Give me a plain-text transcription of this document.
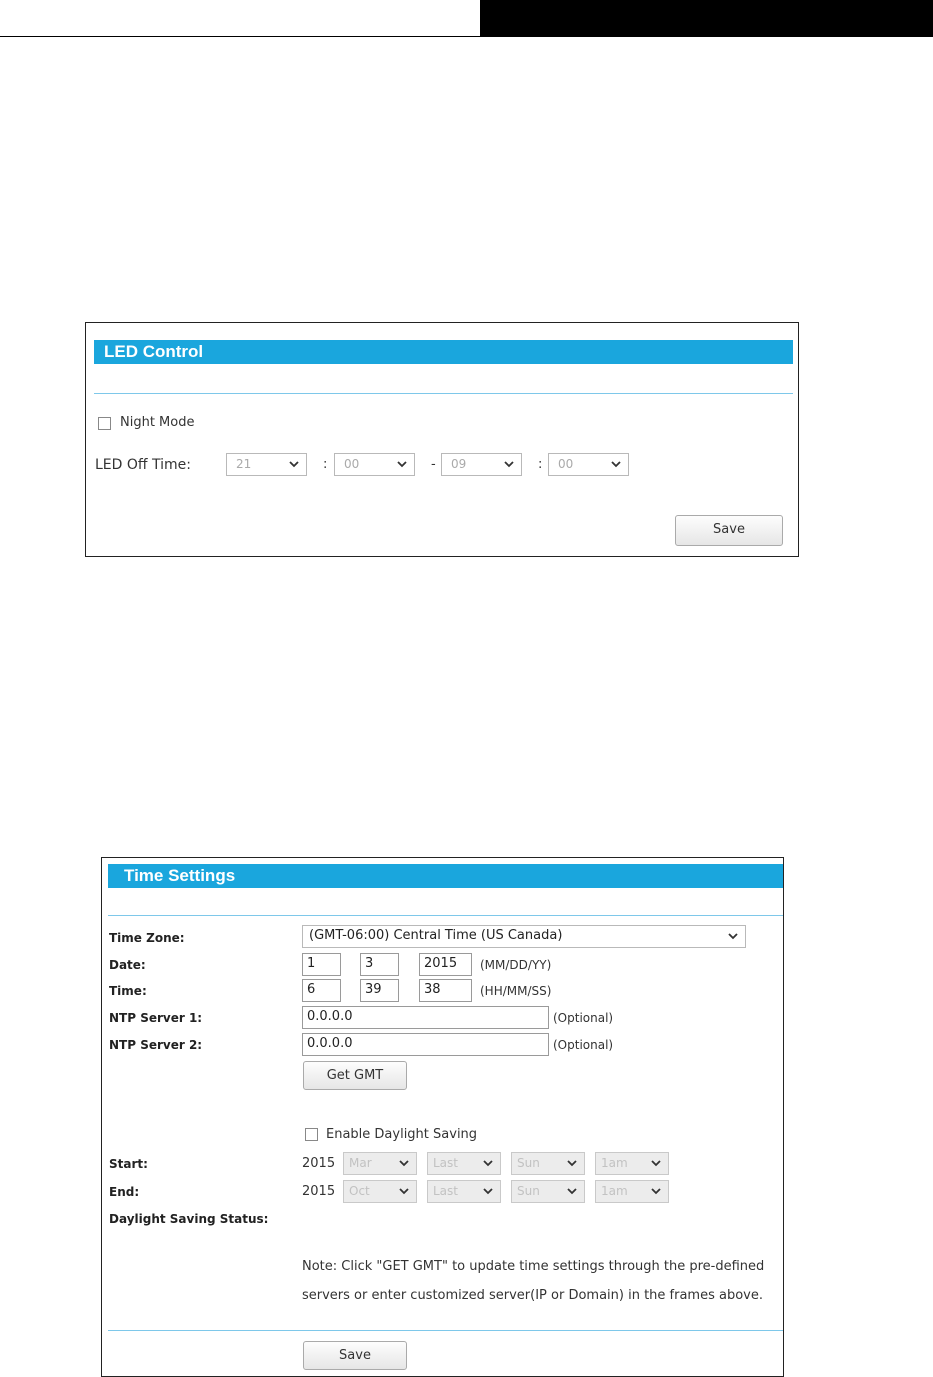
LED Control
Night Mode
LED Off Time:	21	:	00	-	09	:	00
Save
Time Settings
Time Zone:	(GMT-06:00) Central Time (US Canada)
Date:	1	3	2015	(MM/DD/YY)
Time:	6	39	38	(HH/MM/SS)
NTP Server 1:	0.0.0.0	(Optional)
NTP Server 2:	0.0.0.0	(Optional)
Get GMT
Enable Daylight Saving
Start:	2015	Mar	Last	Sun	1am
End:	2015	Oct	Last	Sun	1am
Daylight Saving Status:
Note: Click "GET GMT" to update time settings through the pre-defined
servers or enter customized server(IP or Domain) in the frames above.
Save
